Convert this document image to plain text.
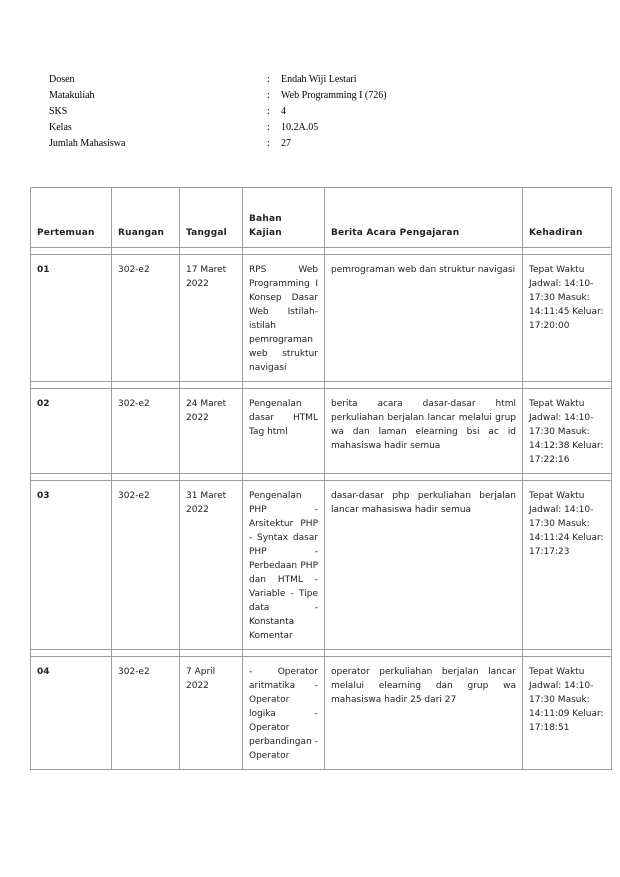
Dosen	: Endah Wiji Lestari
Matakuliah	: Web Programming I (726)
SKS	: 4
Kelas	: 10.2A.05
Jumlah Mahasiswa	: 27
Pertemuan	Ruangan	Tanggal	Bahan Kajian	Berita Acara Pengajaran	Kehadiran

01	302-e2	17 Maret 2022	RPS Web Programming I Konsep Dasar Web Istilah-istilah pemrograman web struktur navigasi	pemrograman web dan struktur navigasi	Tepat Waktu Jadwal: 14:10-17:30 Masuk: 14:11:45 Keluar: 17:20:00

02	302-e2	24 Maret 2022	Pengenalan dasar HTML Tag html	berita acara dasar-dasar html perkuliahan berjalan lancar melalui grup wa dan laman elearning bsi ac id mahasiswa hadir semua	Tepat Waktu Jadwal: 14:10-17:30 Masuk: 14:12:38 Keluar: 17:22:16

03	302-e2	31 Maret 2022	Pengenalan PHP - Arsitektur PHP - Syntax dasar PHP - Perbedaan PHP dan HTML - Variable - Tipe data - Konstanta Komentar	dasar-dasar php perkuliahan berjalan lancar mahasiswa hadir semua	Tepat Waktu Jadwal: 14:10-17:30 Masuk: 14:11:24 Keluar: 17:17:23

04	302-e2	7 April 2022	- Operator aritmatika - Operator logika - Operator perbandingan - Operator	operator perkuliahan berjalan lancar melalui elearning dan grup wa mahasiswa hadir 25 dari 27	Tepat Waktu Jadwal: 14:10-17:30 Masuk: 14:11:09 Keluar: 17:18:51
